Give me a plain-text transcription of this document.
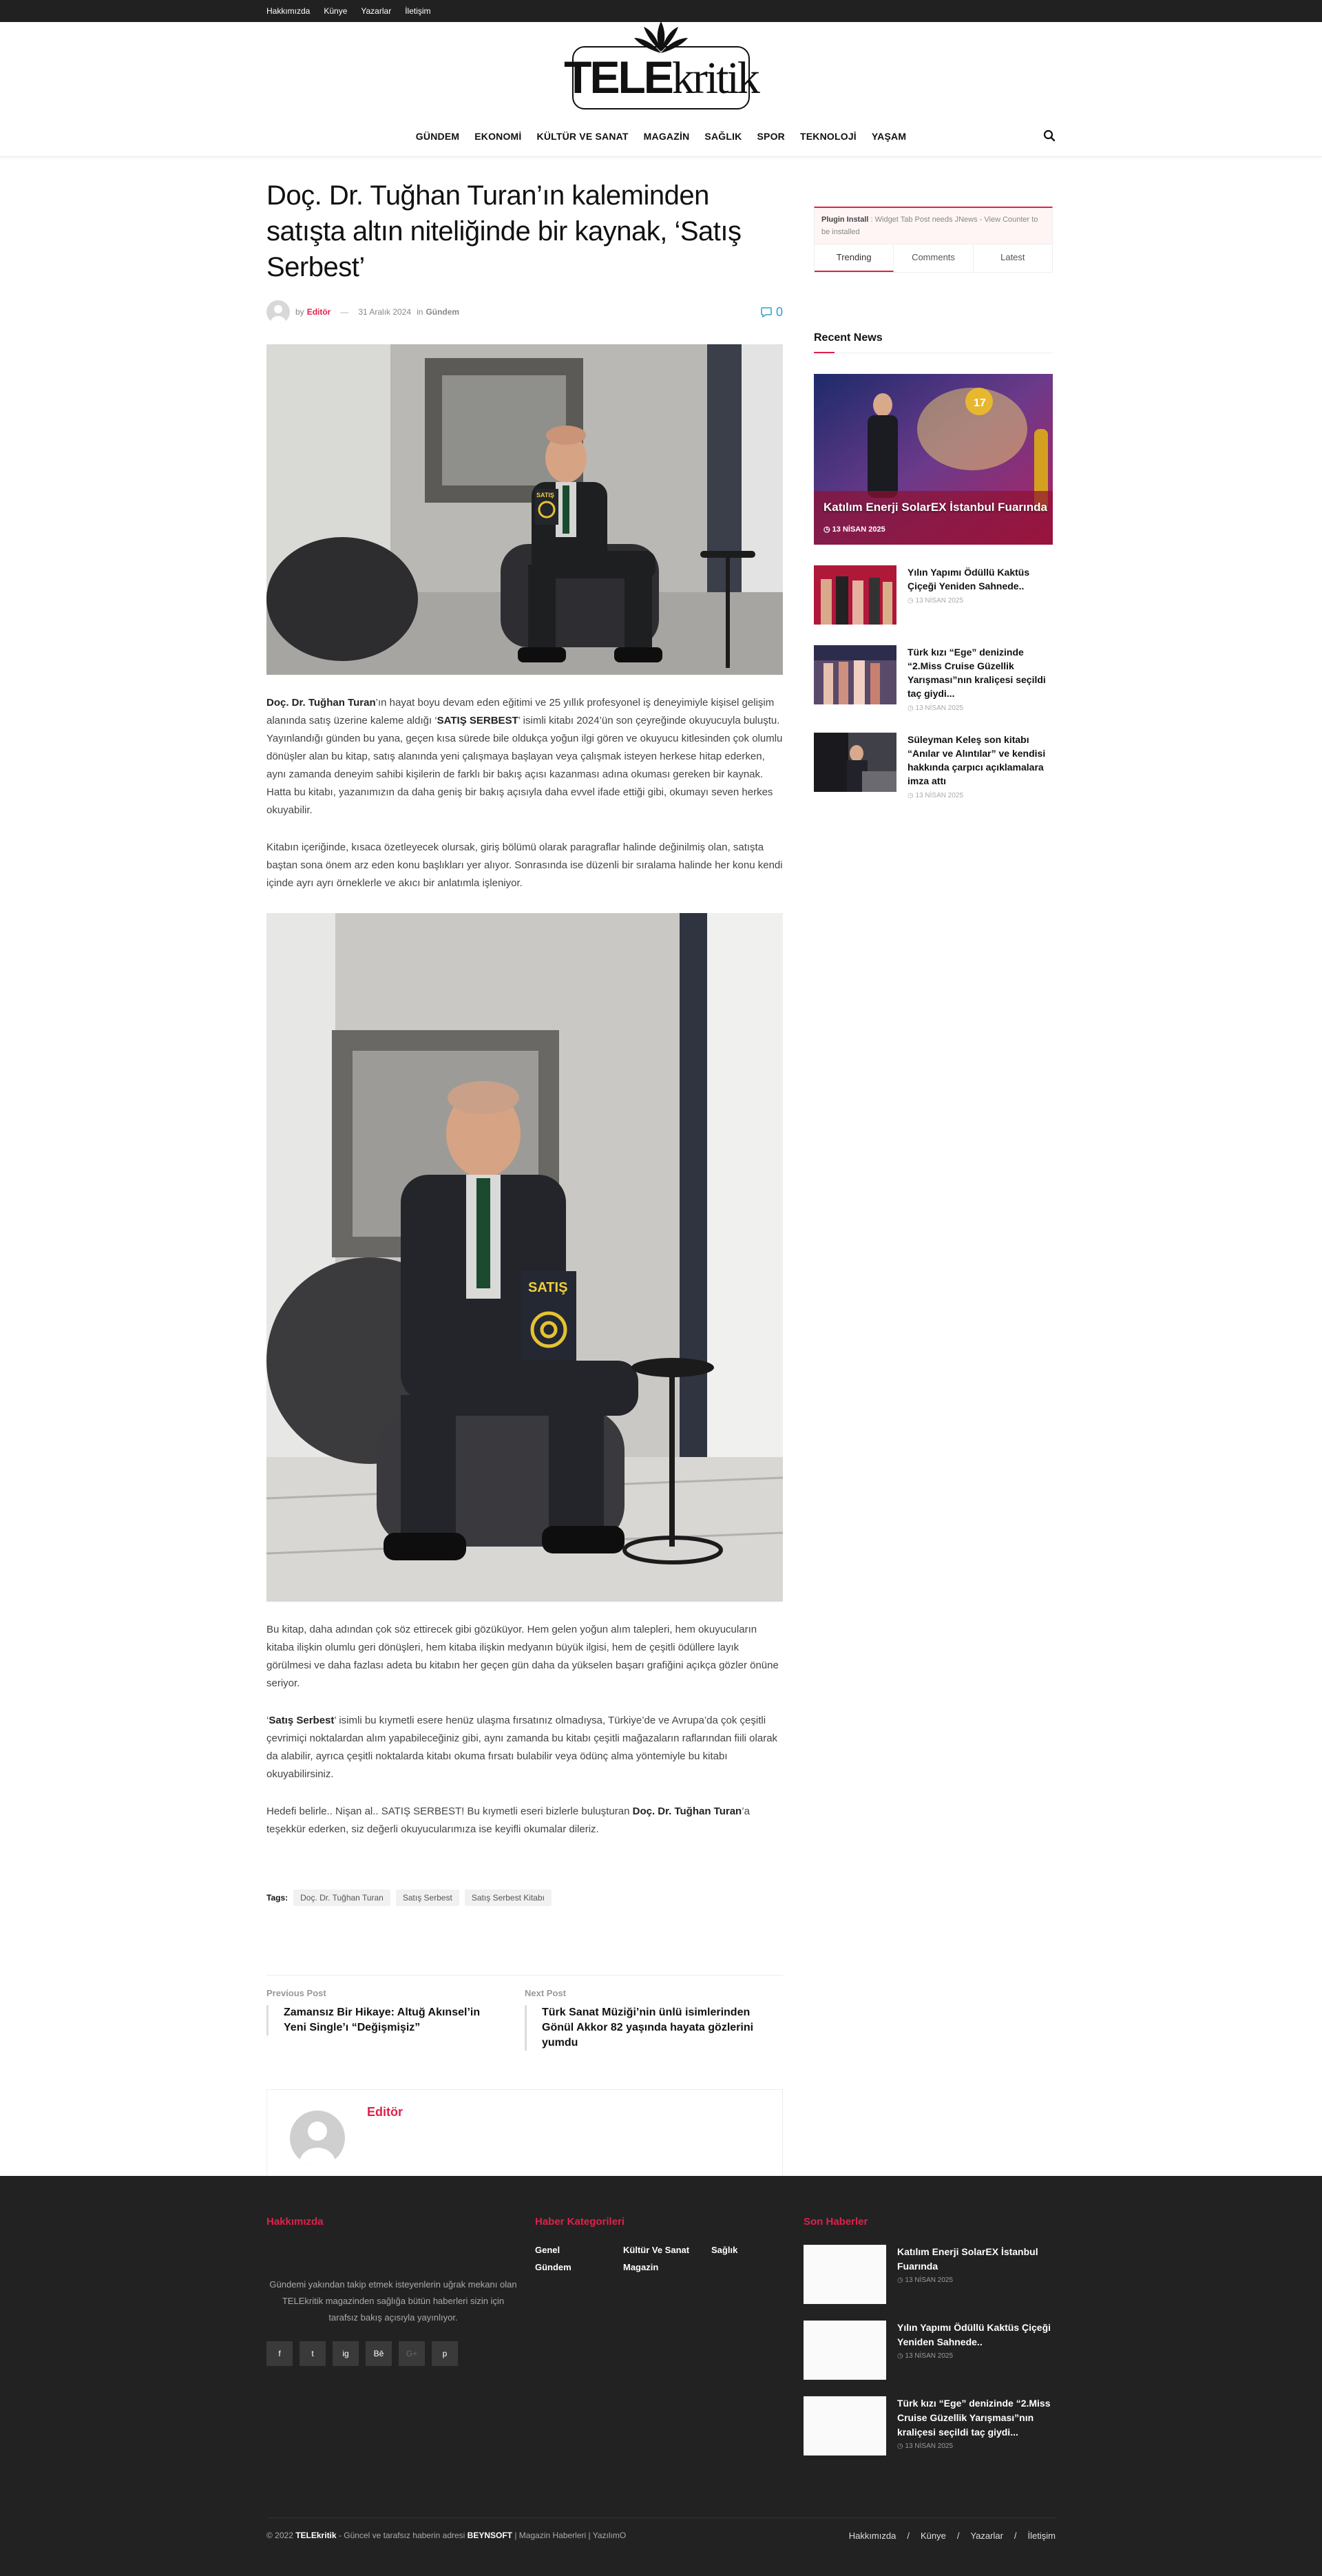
Hakkımızda Künye Yazarlar İletişim
TELE kritik
GÜNDEM EKONOMİ KÜLTÜR VE SANAT MAGAZİN SAĞLIK SPOR TEKNOLOJİ YAŞAM
Doç. Dr. Tuğhan Turan’ın kaleminden satışta altın niteliğinde bir kaynak, ‘Satış Serbest’
by Editör — 31 Aralık 2024 in Gündem	0
SATIŞ

Doç. Dr. Tuğhan Turan’ın hayat boyu devam eden eğitimi ve 25 yıllık profesyonel iş deneyimiyle kişisel gelişim alanında satış üzerine kaleme aldığı ‘SATIŞ SERBEST’ isimli kitabı 2024’ün son çeyreğinde okuyucuyla buluştu. Yayınlandığı günden bu yana, geçen kısa sürede bile oldukça yoğun ilgi gören ve okuyucu kitlesinden çok olumlu dönüşler alan bu kitap, satış alanında yeni çalışmaya başlayan veya çalışmak isteyen herkese hitap ederken, aynı zamanda deneyim sahibi kişilerin de farklı bir bakış açısı kazanması adına okuması gereken bir kaynak. Hatta bu kitabı, yazanımızın da daha geniş bir bakış açısıyla daha evvel ifade ettiği gibi, okumayı seven herkes okuyabilir.

Kitabın içeriğinde, kısaca özetleyecek olursak, giriş bölümü olarak paragraflar halinde değinilmiş olan, satışta baştan sona önem arz eden konu başlıkları yer alıyor. Sonrasında ise düzenli bir sıralama halinde her konu kendi içinde ayrı ayrı örneklerle ve akıcı bir anlatımla işleniyor.

SATIŞ

Bu kitap, daha adından çok söz ettirecek gibi gözüküyor. Hem gelen yoğun alım talepleri, hem okuyucuların kitaba ilişkin olumlu geri dönüşleri, hem kitaba ilişkin medyanın büyük ilgisi, hem de çeşitli ödüllere layık görülmesi ve daha fazlası adeta bu kitabın her geçen gün daha da yükselen başarı grafiğini açıkça gözler önüne seriyor.

‘Satış Serbest’ isimli bu kıymetli esere henüz ulaşma fırsatınız olmadıysa, Türkiye’de ve Avrupa’da çok çeşitli çevrimiçi noktalardan alım yapabileceğiniz gibi, aynı zamanda bu kitabı çeşitli mağazaların raflarından fiili olarak da alabilir, ayrıca çeşitli noktalarda kitabı okuma fırsatı bulabilir veya ödünç alma yöntemiyle bu kitabı okuyabilirsiniz.

Hedefi belirle.. Nişan al.. SATIŞ SERBEST! Bu kıymetli eseri bizlerle buluşturan Doç. Dr. Tuğhan Turan’a teşekkür ederken, siz değerli okuyucularımıza ise keyifli okumalar dileriz.

Tags:	Doç. Dr. Tuğhan Turan	Satış Serbest	Satış Serbest Kitabı
Previous Post
Zamansız Bir Hikaye: Altuğ Akınsel’in Yeni Single’ı “Değişmişiz”
Next Post
Türk Sanat Müziği’nin ünlü isimlerinden Gönül Akkor 82 yaşında hayata gözlerini yumdu
Editör
Plugin Install : Widget Tab Post needs JNews - View Counter to be installed
Trending	Comments	Latest
Recent News
17
Katılım Enerji SolarEX İstanbul Fuarında
◷ 13 NİSAN 2025
Yılın Yapımı Ödüllü Kaktüs Çiçeği Yeniden Sahnede..
◷ 13 NİSAN 2025
Türk kızı “Ege” denizinde “2.Miss Cruise Güzellik Yarışması”nın kraliçesi seçildi taç giydi...
◷ 13 NİSAN 2025
Süleyman Keleş son kitabı “Anılar ve Alıntılar” ve kendisi hakkında çarpıcı açıklamalara imza attı
◷ 13 NİSAN 2025
Hakkımızda
Gündemi yakından takip etmek isteyenlerin uğrak mekanı olan TELEkritik magazinden sağlığa bütün haberleri sizin için tarafsız bakış açısıyla yayınlıyor.
f	t	ig	Bē	G+	p
Haber Kategorileri
Genel	Kültür Ve Sanat	Sağlık
Gündem	Magazin
Son Haberler
Katılım Enerji SolarEX İstanbul Fuarında
◷ 13 NİSAN 2025
Yılın Yapımı Ödüllü Kaktüs Çiçeği Yeniden Sahnede..
◷ 13 NİSAN 2025
Türk kızı “Ege” denizinde “2.Miss Cruise Güzellik Yarışması”nın kraliçesi seçildi taç giydi...
◷ 13 NİSAN 2025
© 2022 TELEkritik - Güncel ve tarafsız haberin adresi BEYNSOFT | Magazin Haberleri | YazılımO	Hakkımızda / Künye / Yazarlar / İletişim
